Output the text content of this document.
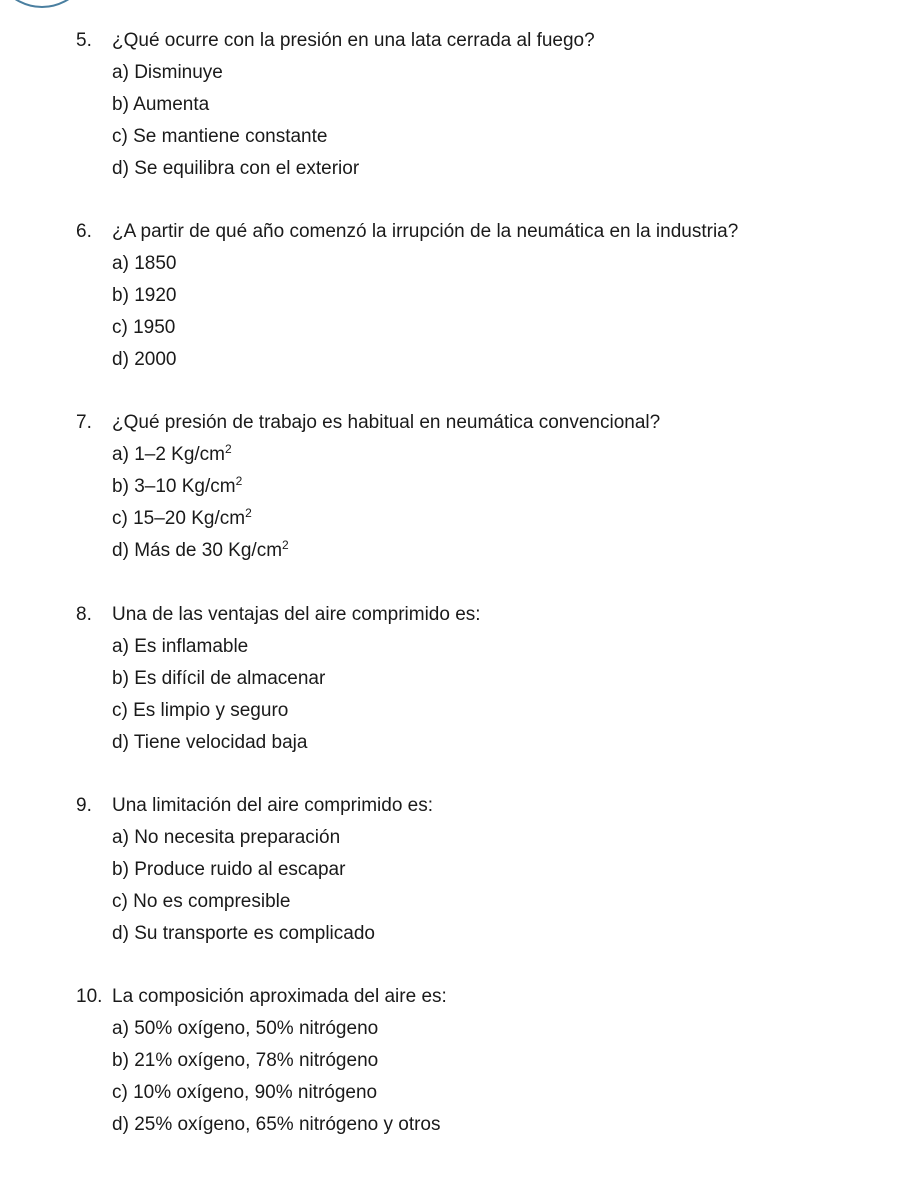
5. ¿Qué ocurre con la presión en una lata cerrada al fuego?
a) Disminuye
b) Aumenta
c) Se mantiene constante
d) Se equilibra con el exterior
6. ¿A partir de qué año comenzó la irrupción de la neumática en la industria?
a) 1850
b) 1920
c) 1950
d) 2000
7. ¿Qué presión de trabajo es habitual en neumática convencional?
a) 1–2 $Kg/cm^2$
b) 3–10 $Kg/cm^2$
c) 15–20 $Kg/cm^2$
d) Más de 30 $Kg/cm^2$
8. Una de las ventajas del aire comprimido es:
a) Es inflamable
b) Es difícil de almacenar
c) Es limpio y seguro
d) Tiene velocidad baja
9. Una limitación del aire comprimido es:
a) No necesita preparación
b) Produce ruido al escapar
c) No es compresible
d) Su transporte es complicado
10. La composición aproximada del aire es:
a) 50% oxígeno, 50% nitrógeno
b) 21% oxígeno, 78% nitrógeno
c) 10% oxígeno, 90% nitrógeno
d) 25% oxígeno, 65% nitrógeno y otros
